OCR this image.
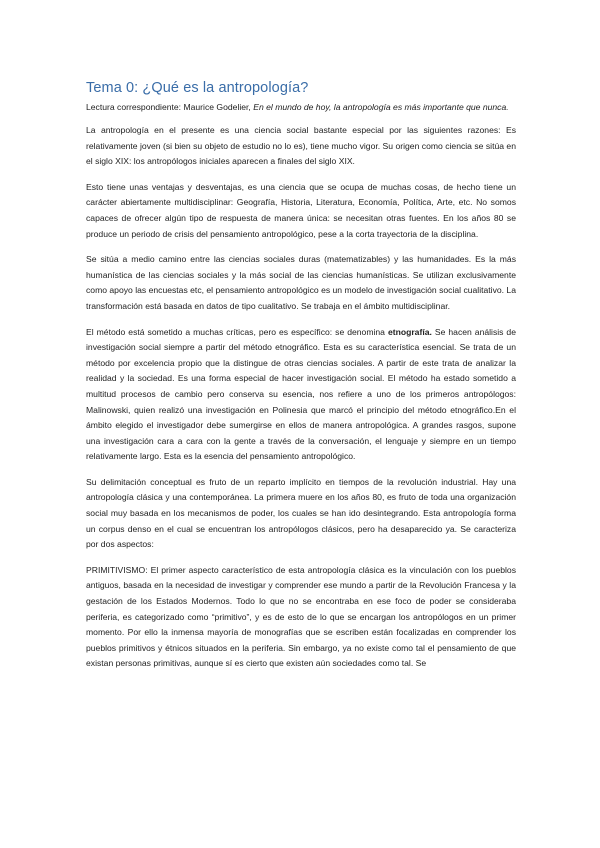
Tema 0: ¿Qué es la antropología?
Lectura correspondiente: Maurice Godelier, En el mundo de hoy, la antropología es más importante que nunca.

La antropología en el presente es una ciencia social bastante especial por las siguientes razones: Es relativamente joven (si bien su objeto de estudio no lo es), tiene mucho vigor. Su origen como ciencia se sitúa en el siglo XIX: los antropólogos iniciales aparecen a finales del siglo XIX.

Esto tiene unas ventajas y desventajas, es una ciencia que se ocupa de muchas cosas, de hecho tiene un carácter abiertamente multidisciplinar: Geografía, Historia, Literatura, Economía, Política, Arte, etc. No somos capaces de ofrecer algún tipo de respuesta de manera única: se necesitan otras fuentes. En los años 80 se produce un periodo de crisis del pensamiento antropológico, pese a la corta trayectoria de la disciplina.

Se sitúa a medio camino entre las ciencias sociales duras (matematizables) y las humanidades. Es la más humanística de las ciencias sociales y la más social de las ciencias humanísticas. Se utilizan exclusivamente como apoyo las encuestas etc, el pensamiento antropológico es un modelo de investigación social cualitativo. La transformación está basada en datos de tipo cualitativo. Se trabaja en el ámbito multidisciplinar.

El método está sometido a muchas críticas, pero es específico: se denomina etnografía. Se hacen análisis de investigación social siempre a partir del método etnográfico. Esta es su característica esencial. Se trata de un método por excelencia propio que la distingue de otras ciencias sociales. A partir de este trata de analizar la realidad y la sociedad. Es una forma especial de hacer investigación social. El método ha estado sometido a multitud procesos de cambio pero conserva su esencia, nos refiere a uno de los primeros antropólogos: Malinowski, quien realizó una investigación en Polinesia que marcó el principio del método etnográfico.En el ámbito elegido el investigador debe sumergirse en ellos de manera antropológica. A grandes rasgos, supone una investigación cara a cara con la gente a través de la conversación, el lenguaje y siempre en un tiempo relativamente largo. Esta es la esencia del pensamiento antropológico.

Su delimitación conceptual es fruto de un reparto implícito en tiempos de la revolución industrial. Hay una antropología clásica y una contemporánea. La primera muere en los años 80, es fruto de toda una organización social muy basada en los mecanismos de poder, los cuales se han ido desintegrando. Esta antropología forma un corpus denso en el cual se encuentran los antropólogos clásicos, pero ha desaparecido ya. Se caracteriza por dos aspectos:

PRIMITIVISMO: El primer aspecto característico de esta antropología clásica es la vinculación con los pueblos antiguos, basada en la necesidad de investigar y comprender ese mundo a partir de la Revolución Francesa y la gestación de los Estados Modernos. Todo lo que no se encontraba en ese foco de poder se consideraba periferia, es categorizado como “primitivo”, y es de esto de lo que se encargan los antropólogos en un primer momento. Por ello la inmensa mayoría de monografías que se escriben están focalizadas en comprender los pueblos primitivos y étnicos situados en la periferia. Sin embargo, ya no existe como tal el pensamiento de que existan personas primitivas, aunque sí es cierto que existen aún sociedades como tal. Se
